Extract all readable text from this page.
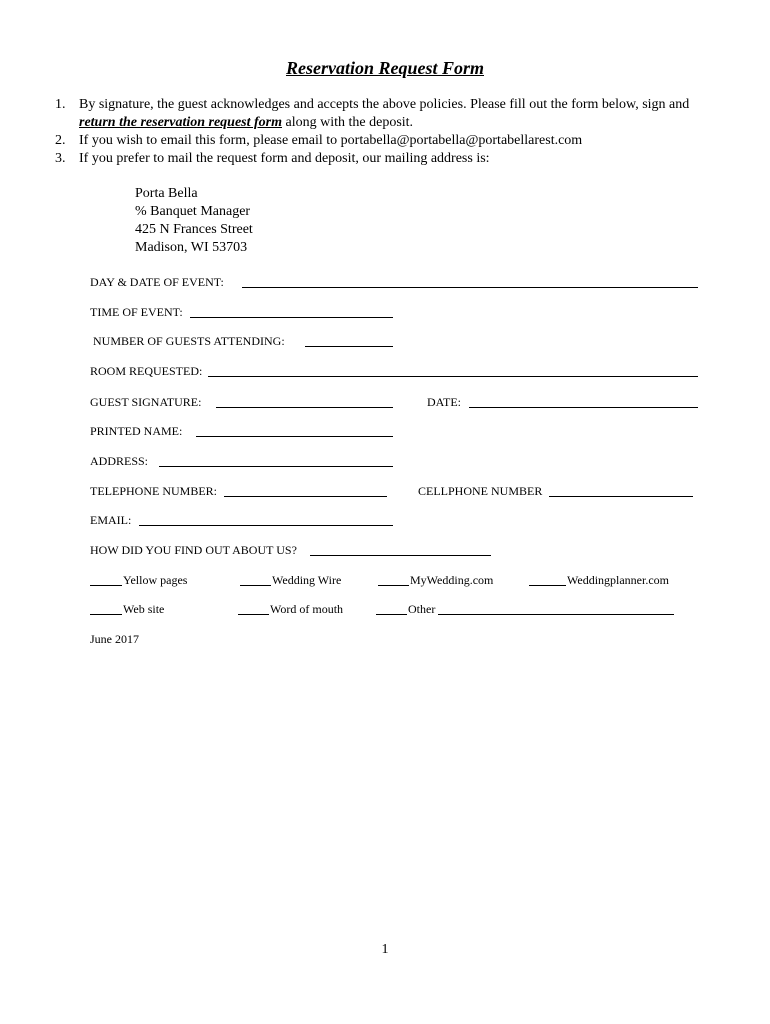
Reservation Request Form
1. By signature, the guest acknowledges and accepts the above policies. Please fill out the form below, sign and return the reservation request form along with the deposit.
2. If you wish to email this form, please email to portabella@portabella@portabellarest.com
3. If you prefer to mail the request form and deposit, our mailing address is:
Porta Bella
% Banquet Manager
425 N Frances Street
Madison, WI 53703
DAY & DATE OF EVENT:
TIME OF EVENT:
NUMBER OF GUESTS ATTENDING:
ROOM REQUESTED:
GUEST SIGNATURE:	DATE:
PRINTED NAME:
ADDRESS:
TELEPHONE NUMBER:	CELLPHONE NUMBER
EMAIL:
HOW DID YOU FIND OUT ABOUT US?
Yellow pages	Wedding Wire	MyWedding.com	Weddingplanner.com
Web site	Word of mouth	Other
June 2017
1
